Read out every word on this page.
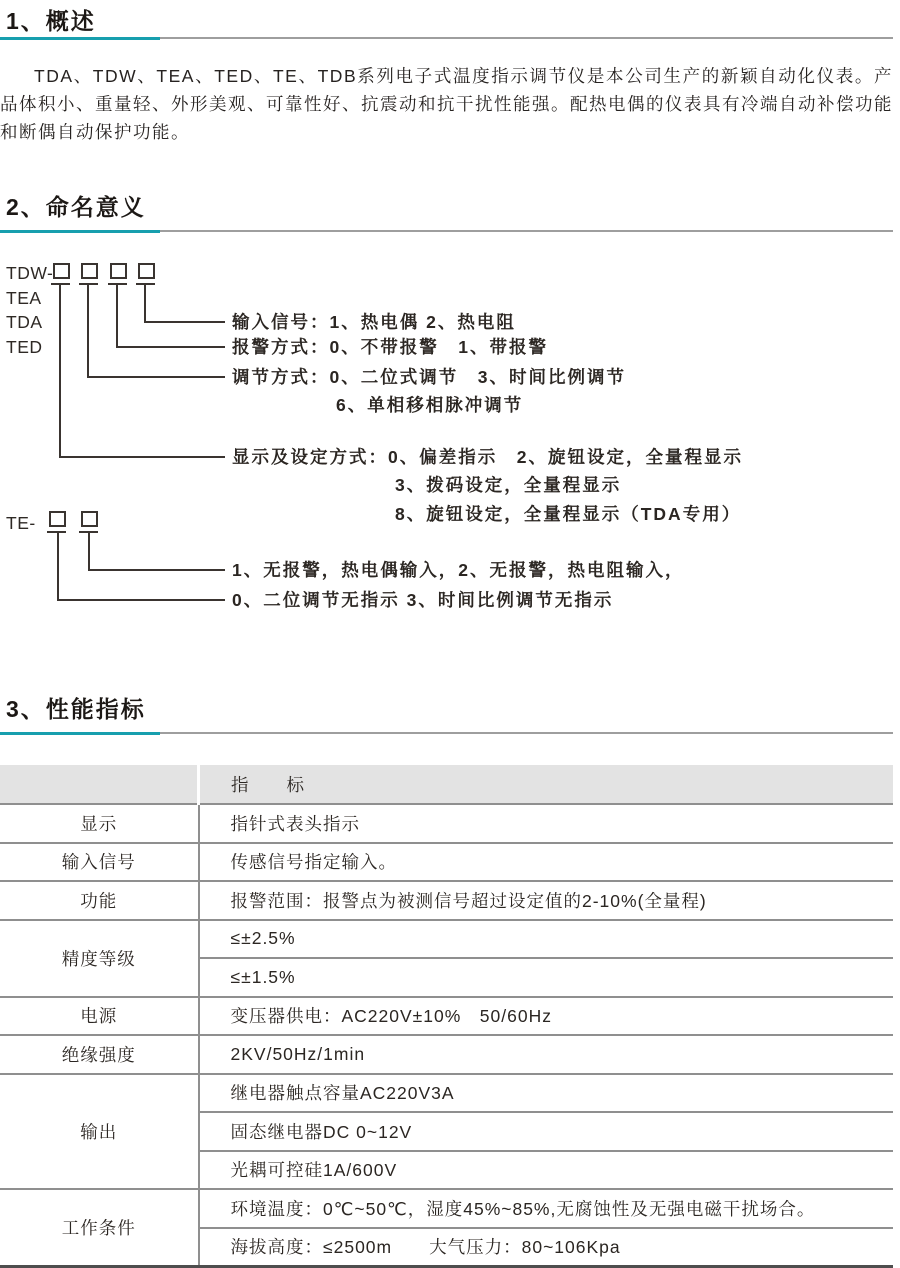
1、概述
TDA、TDW、TEA、TED、TE、TDB系列电子式温度指示调节仪是本公司生产的新颖自动化仪表。产品体积小、重量轻、外形美观、可靠性好、抗震动和抗干扰性能强。配热电偶的仪表具有冷端自动补偿功能和断偶自动保护功能。
2、命名意义
TDW-
TEA
TDA
TED
输入信号：1、热电偶 2、热电阻
报警方式：0、不带报警　1、带报警
调节方式：0、二位式调节　3、时间比例调节
6、单相移相脉冲调节
显示及设定方式：0、偏差指示　2、旋钮设定，全量程显示
3、拨码设定，全量程显示
8、旋钮设定，全量程显示（TDA专用）
TE-
1、无报警，热电偶输入，2、无报警，热电阻输入，
0、二位调节无指示 3、时间比例调节无指示
3、性能指标
	指　　标
显示	指针式表头指示
输入信号	传感信号指定输入。
功能	报警范围：报警点为被测信号超过设定值的2-10%(全量程)
精度等级	≤±2.5%
	≤±1.5%
电源	变压器供电：AC220V±10%　50/60Hz
绝缘强度	2KV/50Hz/1min
输出	继电器触点容量AC220V3A
	固态继电器DC 0~12V
	光耦可控硅1A/600V
工作条件	环境温度：0℃~50℃，湿度45%~85%,无腐蚀性及无强电磁干扰场合。
	海拔高度：≤2500m　　大气压力：80~106Kpa
